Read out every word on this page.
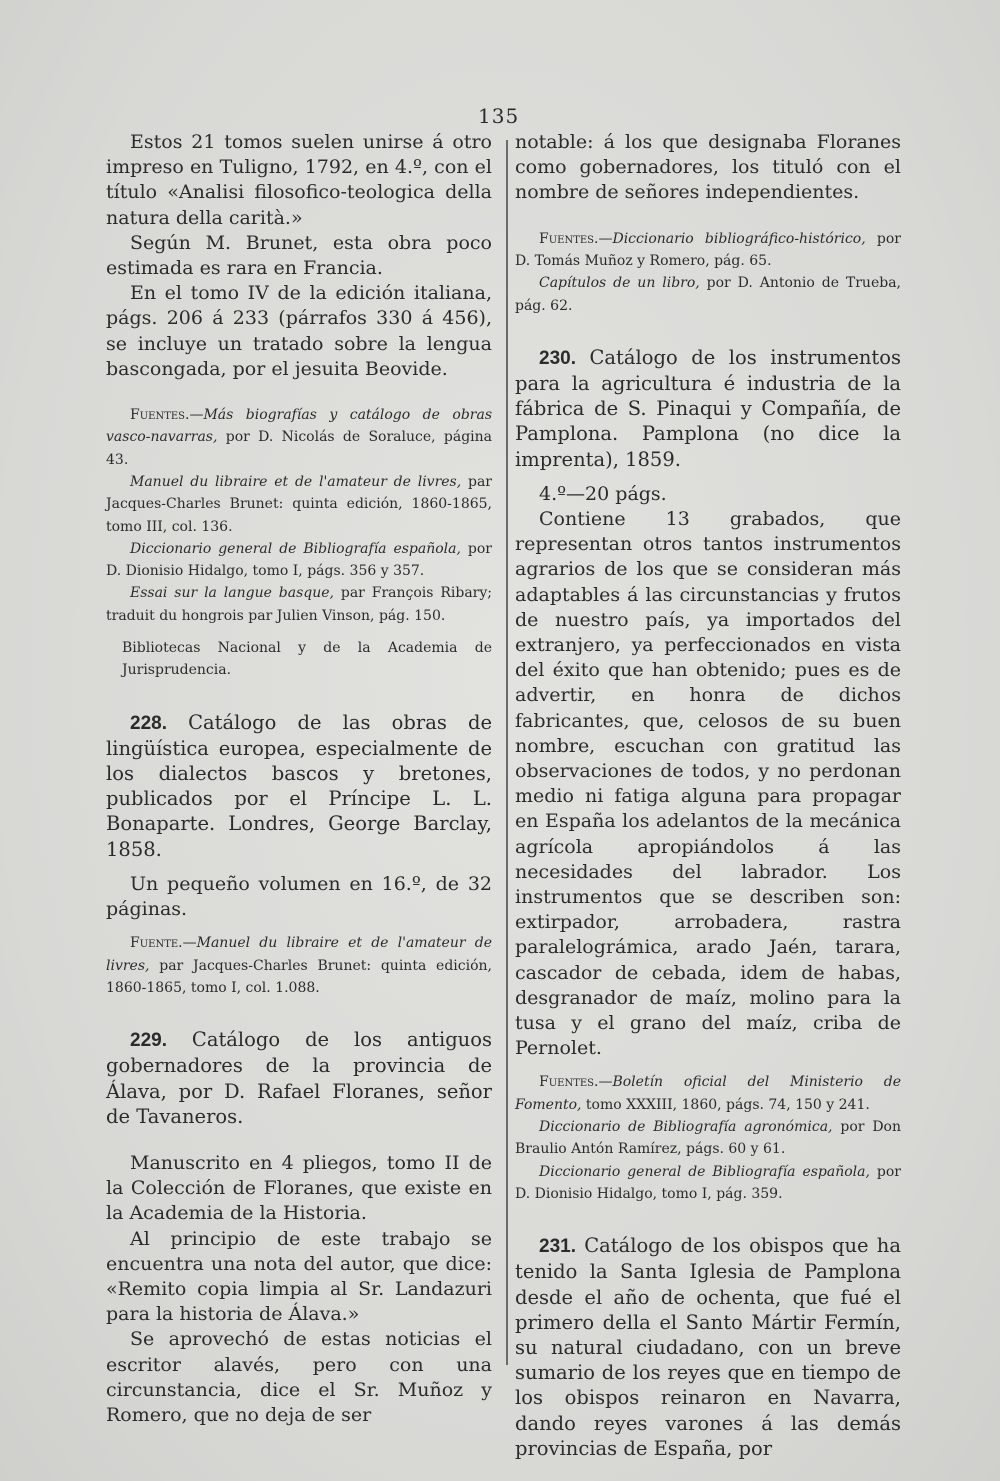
135

Estos 21 tomos suelen unirse á otro impreso en Tuligno, 1792, en 4.º, con el título «Analisi filosofico-teologica della natura della carità.»

Según M. Brunet, esta obra poco estimada es rara en Francia.

En el tomo IV de la edición italiana, págs. 206 á 233 (párrafos 330 á 456), se incluye un tratado sobre la lengua bascongada, por el jesuita Beovide.

Fuentes.—Más biografías y catálogo de obras vasco-navarras, por D. Nicolás de Soraluce, página 43.

Manuel du libraire et de l'amateur de livres, par Jacques-Charles Brunet: quinta edición, 1860-1865, tomo III, col. 136.

Diccionario general de Bibliografía española, por D. Dionisio Hidalgo, tomo I, págs. 356 y 357.

Essai sur la langue basque, par François Ribary; traduit du hongrois par Julien Vinson, pág. 150.

Bibliotecas Nacional y de la Academia de Jurisprudencia.

228. Catálogo de las obras de lingüística europea, especialmente de los dialectos bascos y bretones, publicados por el Príncipe L. L. Bonaparte. Londres, George Barclay, 1858.

Un pequeño volumen en 16.º, de 32 páginas.

Fuente.—Manuel du libraire et de l'amateur de livres, par Jacques-Charles Brunet: quinta edición, 1860-1865, tomo I, col. 1.088.

229. Catálogo de los antiguos gobernadores de la provincia de Álava, por D. Rafael Floranes, señor de Tavaneros.

Manuscrito en 4 pliegos, tomo II de la Colección de Floranes, que existe en la Academia de la Historia.

Al principio de este trabajo se encuentra una nota del autor, que dice: «Remito copia limpia al Sr. Landazuri para la historia de Álava.»

Se aprovechó de estas noticias el escritor alavés, pero con una circunstancia, dice el Sr. Muñoz y Romero, que no deja de ser

notable: á los que designaba Floranes como gobernadores, los tituló con el nombre de señores independientes.

Fuentes.—Diccionario bibliográfico-histórico, por D. Tomás Muñoz y Romero, pág. 65.

Capítulos de un libro, por D. Antonio de Trueba, pág. 62.

230. Catálogo de los instrumentos para la agricultura é industria de la fábrica de S. Pinaqui y Compañía, de Pamplona. Pamplona (no dice la imprenta), 1859.

4.º—20 págs.

Contiene 13 grabados, que representan otros tantos instrumentos agrarios de los que se consideran más adaptables á las circunstancias y frutos de nuestro país, ya importados del extranjero, ya perfeccionados en vista del éxito que han obtenido; pues es de advertir, en honra de dichos fabricantes, que, celosos de su buen nombre, escuchan con gratitud las observaciones de todos, y no perdonan medio ni fatiga alguna para propagar en España los adelantos de la mecánica agrícola apropiándolos á las necesidades del labrador. Los instrumentos que se describen son: extirpador, arrobadera, rastra paralelográmica, arado Jaén, tarara, cascador de cebada, idem de habas, desgranador de maíz, molino para la tusa y el grano del maíz, criba de Pernolet.

Fuentes.—Boletín oficial del Ministerio de Fomento, tomo XXXIII, 1860, págs. 74, 150 y 241.

Diccionario de Bibliografía agronómica, por Don Braulio Antón Ramírez, págs. 60 y 61.

Diccionario general de Bibliografía española, por D. Dionisio Hidalgo, tomo I, pág. 359.

231. Catálogo de los obispos que ha tenido la Santa Iglesia de Pamplona desde el año de ochenta, que fué el primero della el Santo Mártir Fermín, su natural ciudadano, con un breve sumario de los reyes que en tiempo de los obispos reinaron en Navarra, dando reyes varones á las demás provincias de España, por
